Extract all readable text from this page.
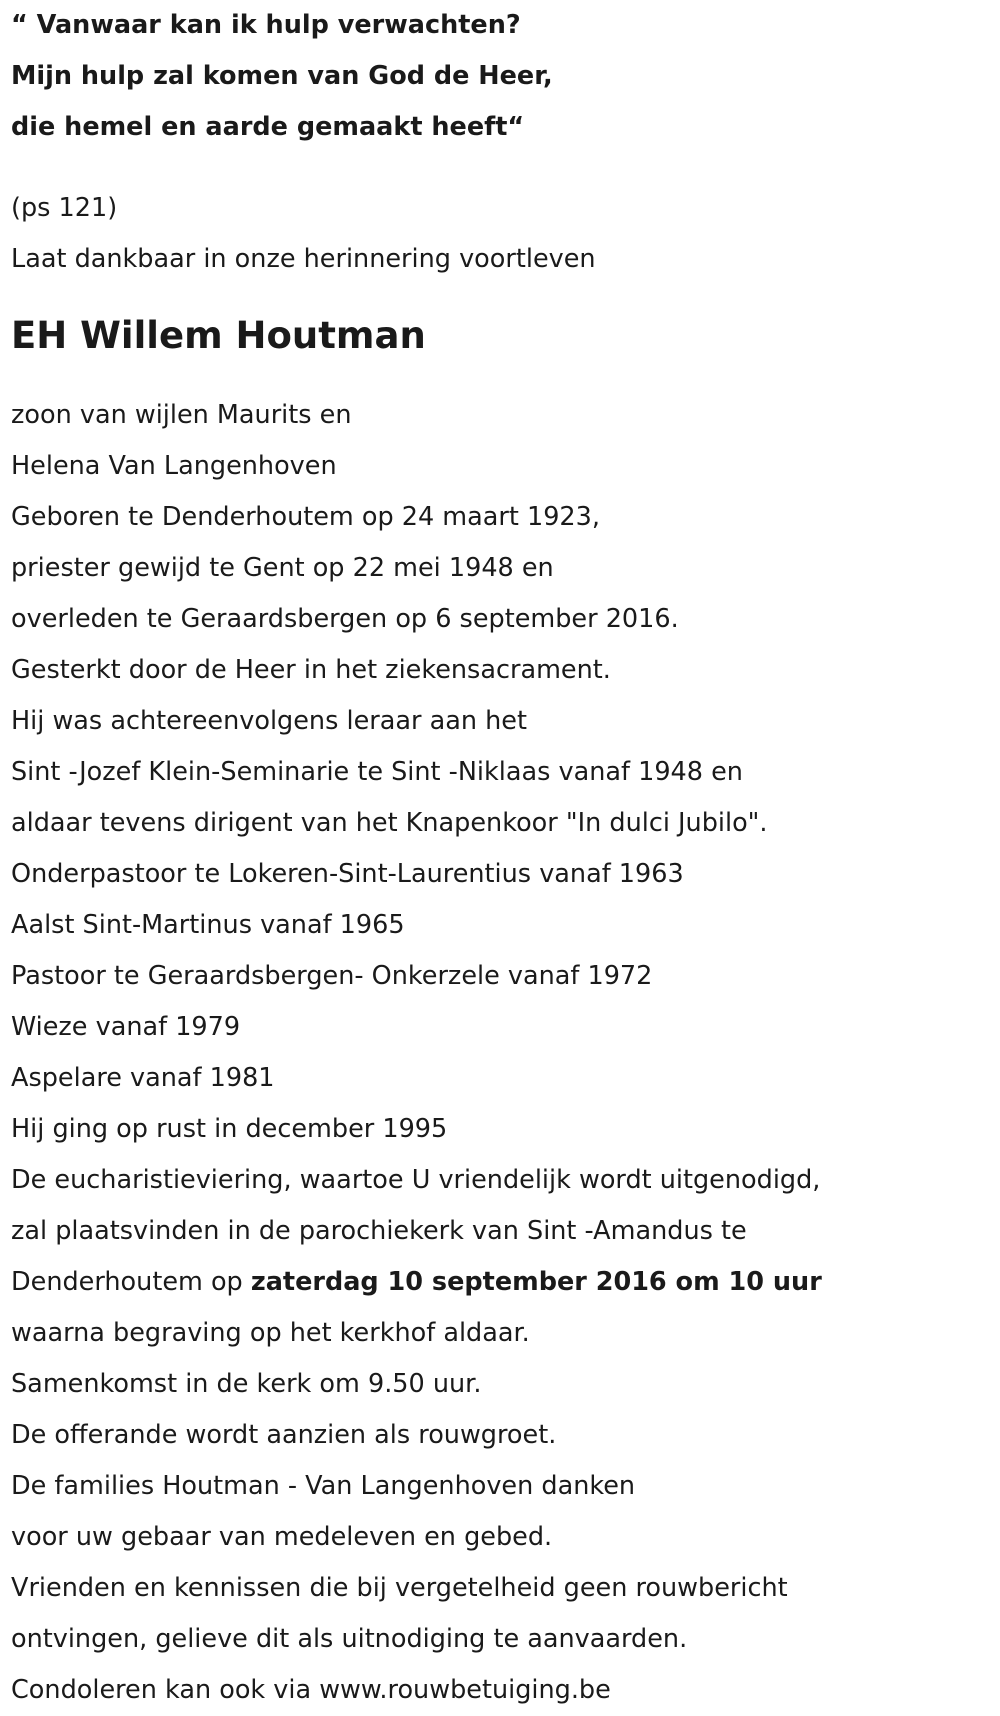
“ Vanwaar kan ik hulp verwachten?

Mijn hulp zal komen van God de Heer,

die hemel en aarde gemaakt heeft“

(ps 121)

Laat dankbaar in onze herinnering voortleven

EH Willem Houtman

zoon van wijlen Maurits en

Helena Van Langenhoven

Geboren te Denderhoutem op 24 maart 1923,

priester gewijd te Gent op 22 mei 1948 en

overleden te Geraardsbergen op 6 september 2016.

Gesterkt door de Heer in het ziekensacrament.

Hij was achtereenvolgens leraar aan het

Sint -Jozef Klein-Seminarie te Sint -Niklaas vanaf 1948 en

aldaar tevens dirigent van het Knapenkoor "In dulci Jubilo".

Onderpastoor te Lokeren-Sint-Laurentius vanaf 1963

Aalst Sint-Martinus vanaf 1965

Pastoor te Geraardsbergen- Onkerzele vanaf 1972

Wieze vanaf 1979

Aspelare vanaf 1981

Hij ging op rust in december 1995

De eucharistieviering, waartoe U vriendelijk wordt uitgenodigd,

zal plaatsvinden in de parochiekerk van Sint -Amandus te

Denderhoutem op zaterdag 10 september 2016 om 10 uur

waarna begraving op het kerkhof aldaar.

Samenkomst in de kerk om 9.50 uur.

De offerande wordt aanzien als rouwgroet.

De families Houtman - Van Langenhoven danken

voor uw gebaar van medeleven en gebed.

Vrienden en kennissen die bij vergetelheid geen rouwbericht

ontvingen, gelieve dit als uitnodiging te aanvaarden.

Condoleren kan ook via www.rouwbetuiging.be
